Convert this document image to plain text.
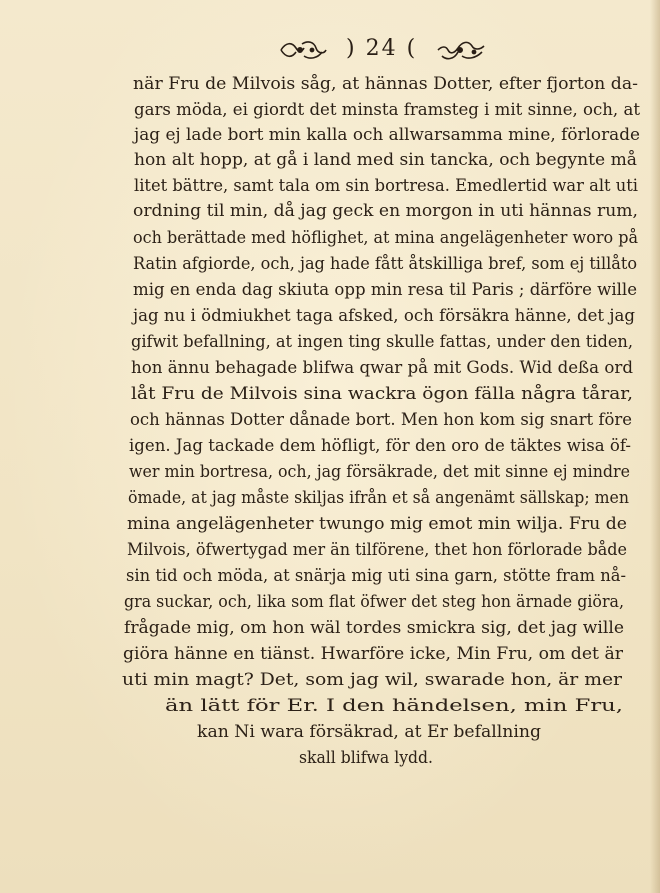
) 24 (
när Fru de Milvois såg, at hännas Dotter, efter fjorton da-
gars möda, ei giordt det minsta framsteg i mit sinne, och, at
jag ej lade bort min kalla och allwarsamma mine, förlorade
hon alt hopp, at gå i land med sin tancka, och begynte må
litet bättre, samt tala om sin bortresa. Emedlertid war alt uti
ordning til min, då jag geck en morgon in uti hännas rum,
och berättade med höflighet, at mina angelägenheter woro på
Ratin afgiorde, och, jag hade fått åtskilliga bref, som ej tillåto
mig en enda dag skiuta opp min resa til Paris ; därföre wille
jag nu i ödmiukhet taga afsked, och försäkra hänne, det jag
gifwit befallning, at ingen ting skulle fattas, under den tiden,
hon ännu behagade blifwa qwar på mit Gods. Wid deßa ord
låt Fru de Milvois sina wackra ögon fälla några tårar,
och hännas Dotter dånade bort. Men hon kom sig snart före
igen. Jag tackade dem höfligt, för den oro de täktes wisa öf-
wer min bortresa, och, jag försäkrade, det mit sinne ej mindre
ömade, at jag måste skiljas ifrån et så angenämt sällskap; men
mina angelägenheter twungo mig emot min wilja. Fru de
Milvois, öfwertygad mer än tilförene, thet hon förlorade både
sin tid och möda, at snärja mig uti sina garn, stötte fram nå-
gra suckar, och, lika som flat öfwer det steg hon ärnade giöra,
frågade mig, om hon wäl tordes smickra sig, det jag wille
giöra hänne en tiänst. Hwarföre icke, Min Fru, om det är
uti min magt? Det, som jag wil, swarade hon, är mer
än lätt för Er. I den händelsen, min Fru,
kan Ni wara försäkrad, at Er befallning
skall blifwa lydd.
